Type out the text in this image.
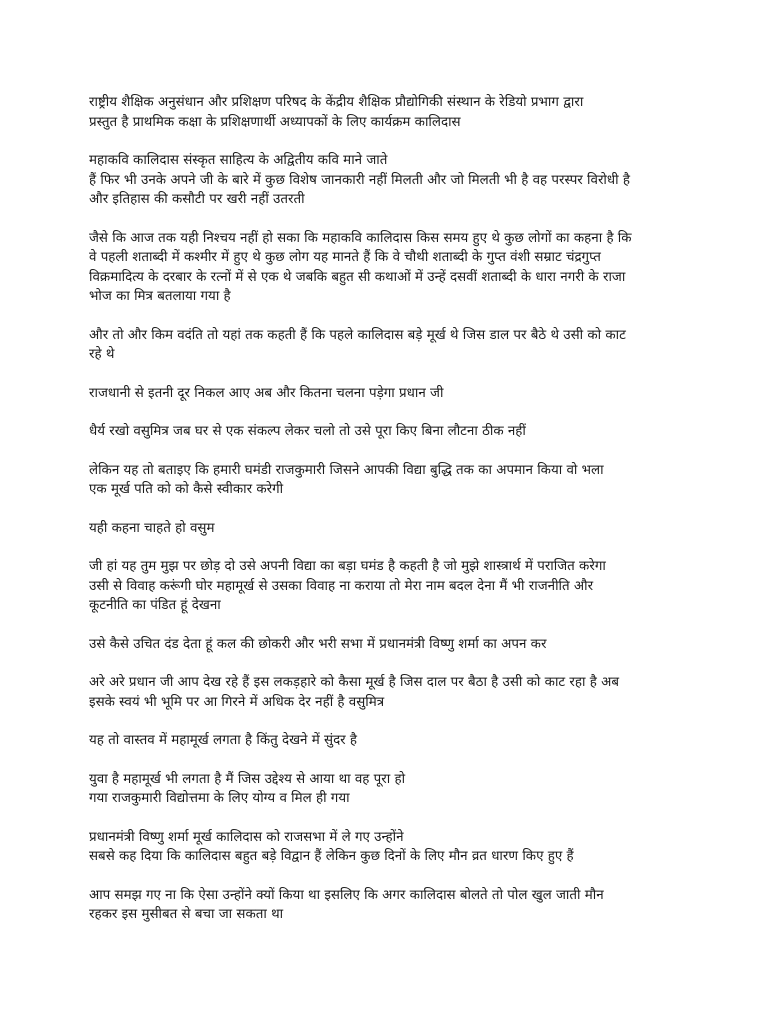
राष्ट्रीय शैक्षिक अनुसंधान और प्रशिक्षण परिषद के केंद्रीय शैक्षिक प्रौद्योगिकी संस्थान के रेडियो प्रभाग द्वारा
प्रस्तुत है प्राथमिक कक्षा के प्रशिक्षणार्थी अध्यापकों के लिए कार्यक्रम कालिदास

महाकवि कालिदास संस्कृत साहित्य के अद्वितीय कवि माने जाते
हैं फिर भी उनके अपने जी के बारे में कुछ विशेष जानकारी नहीं मिलती और जो मिलती भी है वह परस्पर विरोधी है
और इतिहास की कसौटी पर खरी नहीं उतरती

जैसे कि आज तक यही निश्चय नहीं हो सका कि महाकवि कालिदास किस समय हुए थे कुछ लोगों का कहना है कि
वे पहली शताब्दी में कश्मीर में हुए थे कुछ लोग यह मानते हैं कि वे चौथी शताब्दी के गुप्त वंशी सम्राट चंद्रगुप्त
विक्रमादित्य के दरबार के रत्नों में से एक थे जबकि बहुत सी कथाओं में उन्हें दसवीं शताब्दी के धारा नगरी के राजा
भोज का मित्र बतलाया गया है

और तो और किम वदंति तो यहां तक कहती हैं कि पहले कालिदास बड़े मूर्ख थे जिस डाल पर बैठे थे उसी को काट
रहे थे

राजधानी से इतनी दूर निकल आए अब और कितना चलना पड़ेगा प्रधान जी

धैर्य रखो वसुमित्र जब घर से एक संकल्प लेकर चलो तो उसे पूरा किए बिना लौटना ठीक नहीं

लेकिन यह तो बताइए कि हमारी घमंडी राजकुमारी जिसने आपकी विद्या बुद्धि तक का अपमान किया वो भला
एक मूर्ख पति को को कैसे स्वीकार करेगी

यही कहना चाहते हो वसुम

जी हां यह तुम मुझ पर छोड़ दो उसे अपनी विद्या का बड़ा घमंड है कहती है जो मुझे शास्त्रार्थ में पराजित करेगा
उसी से विवाह करूंगी घोर महामूर्ख से उसका विवाह ना कराया तो मेरा नाम बदल देना मैं भी राजनीति और
कूटनीति का पंडित हूं देखना

उसे कैसे उचित दंड देता हूं कल की छोकरी और भरी सभा में प्रधानमंत्री विष्णु शर्मा का अपन कर

अरे अरे प्रधान जी आप देख रहे हैं इस लकड़हारे को कैसा मूर्ख है जिस दाल पर बैठा है उसी को काट रहा है अब
इसके स्वयं भी भूमि पर आ गिरने में अधिक देर नहीं है वसुमित्र

यह तो वास्तव में महामूर्ख लगता है किंतु देखने में सुंदर है

युवा है महामूर्ख भी लगता है मैं जिस उद्देश्य से आया था वह पूरा हो
गया राजकुमारी विद्योत्तमा के लिए योग्य व मिल ही गया

प्रधानमंत्री विष्णु शर्मा मूर्ख कालिदास को राजसभा में ले गए उन्होंने
सबसे कह दिया कि कालिदास बहुत बड़े विद्वान हैं लेकिन कुछ दिनों के लिए मौन व्रत धारण किए हुए हैं

आप समझ गए ना कि ऐसा उन्होंने क्यों किया था इसलिए कि अगर कालिदास बोलते तो पोल खुल जाती मौन
रहकर इस मुसीबत से बचा जा सकता था
